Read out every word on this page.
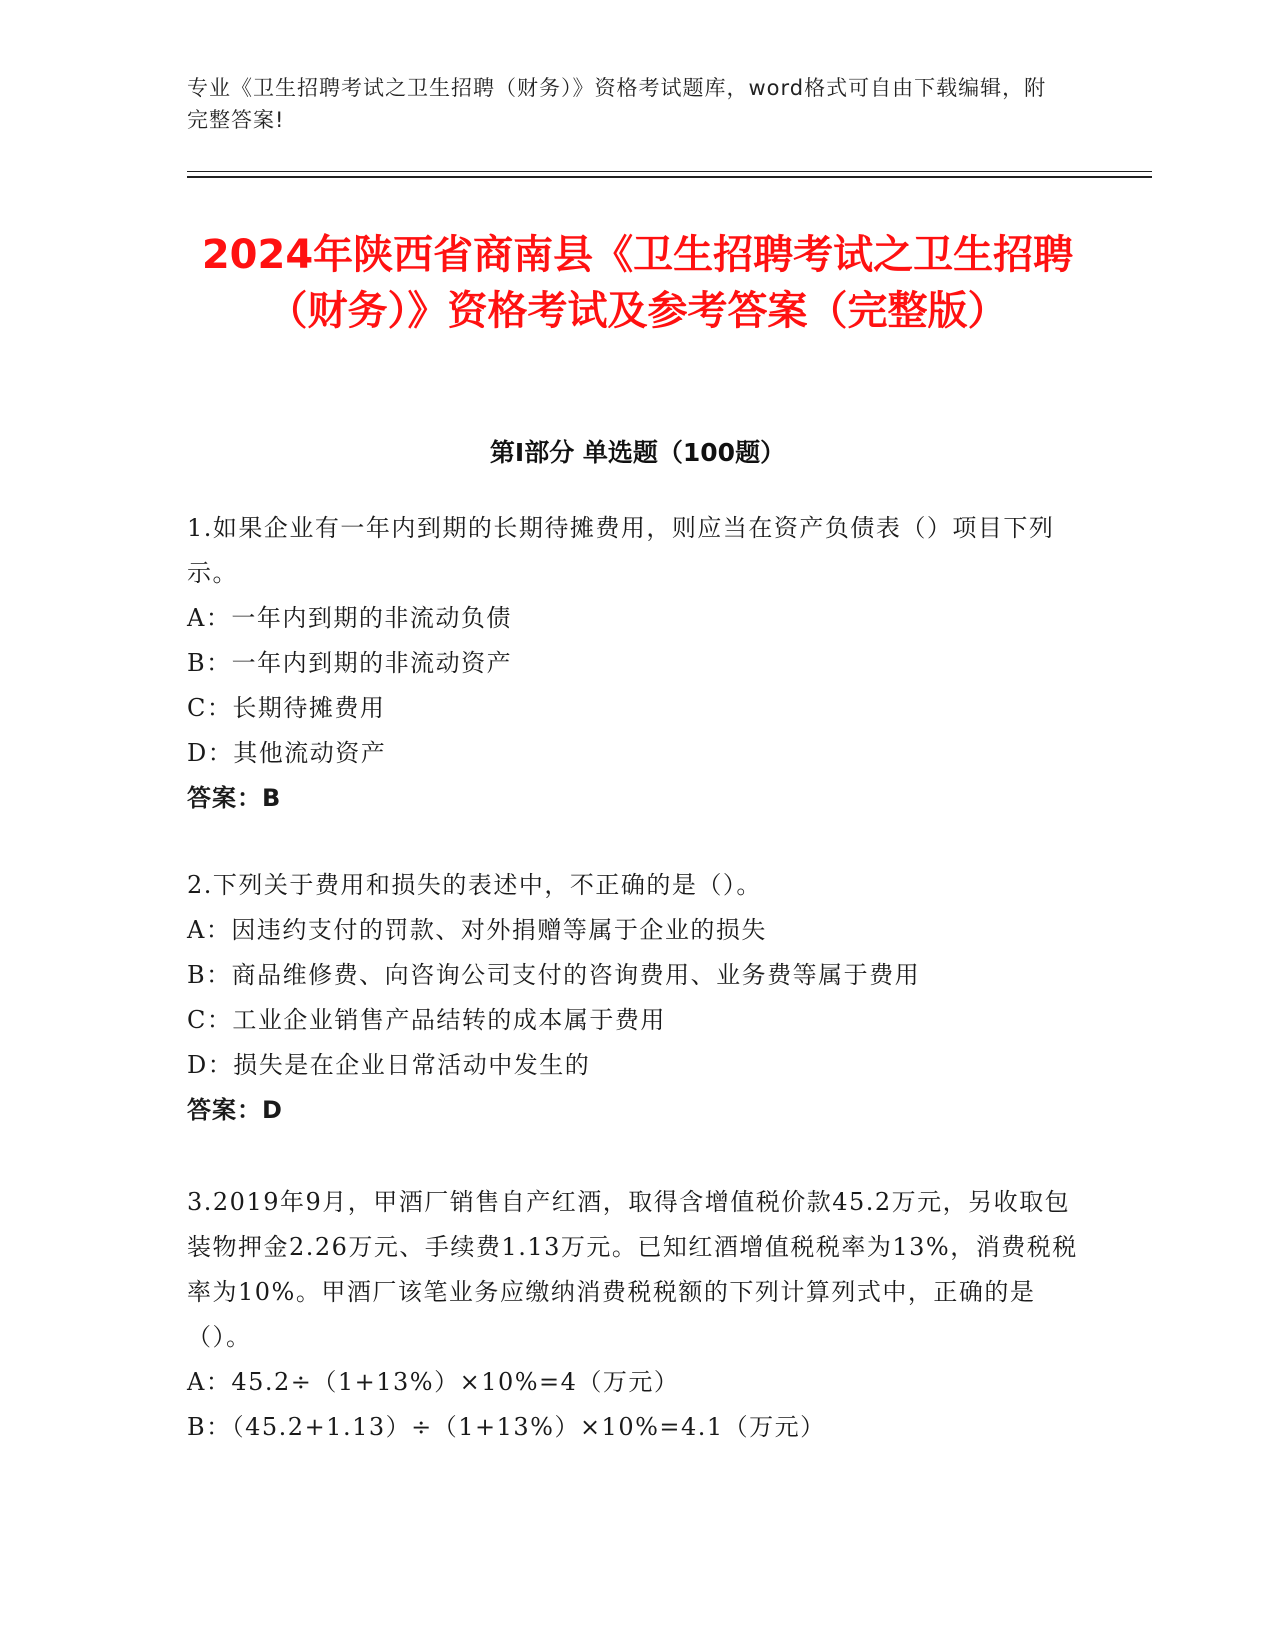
专业《卫生招聘考试之卫生招聘（财务）》资格考试题库，word格式可自由下载编辑，附完整答案!
2024年陕西省商南县《卫生招聘考试之卫生招聘（财务）》资格考试及参考答案（完整版）
第I部分 单选题（100题）

1.如果企业有一年内到期的长期待摊费用，则应当在资产负债表（）项目下列示。

A：一年内到期的非流动负债

B：一年内到期的非流动资产

C：长期待摊费用

D：其他流动资产

答案：B

2.下列关于费用和损失的表述中，不正确的是（）。

A：因违约支付的罚款、对外捐赠等属于企业的损失

B：商品维修费、向咨询公司支付的咨询费用、业务费等属于费用

C：工业企业销售产品结转的成本属于费用

D：损失是在企业日常活动中发生的

答案：D

3.2019年9月，甲酒厂销售自产红酒，取得含增值税价款45.2万元，另收取包装物押金2.26万元、手续费1.13万元。已知红酒增值税税率为13%，消费税税率为10%。甲酒厂该笔业务应缴纳消费税税额的下列计算列式中，正确的是（）。

A：45.2÷（1+13%）×10%=4（万元）

B：（45.2+1.13）÷（1+13%）×10%=4.1（万元）
